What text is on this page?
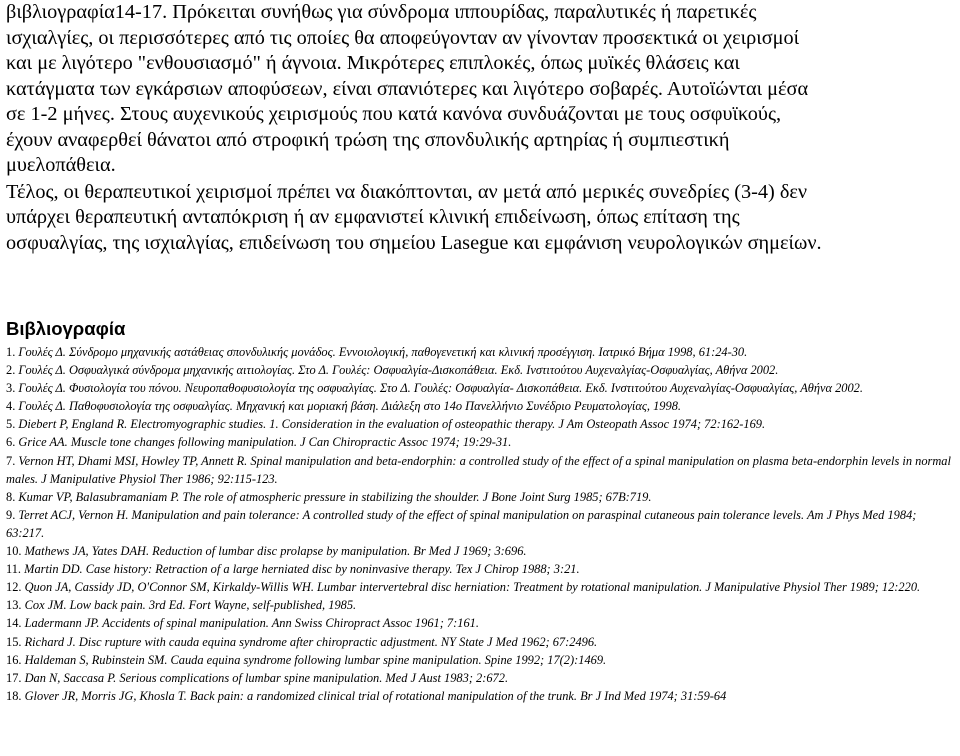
βιβλιογραφία14-17. Πρόκειται συνήθως για σύνδρομα ιππουρίδας, παραλυτικές ή παρετικές
ισχιαλγίες, οι περισσότερες από τις οποίες θα αποφεύγονταν αν γίνονταν προσεκτικά οι χειρισμοί
και με λιγότερο "ενθουσιασμό" ή άγνοια. Μικρότερες επιπλοκές, όπως μυϊκές θλάσεις και
κατάγματα των εγκάρσιων αποφύσεων, είναι σπανιότερες και λιγότερο σοβαρές. Αυτοϊώνται μέσα
σε 1-2 μήνες. Στους αυχενικούς χειρισμούς που κατά κανόνα συνδυάζονται με τους οσφυϊκούς,
έχουν αναφερθεί θάνατοι από στροφική τρώση της σπονδυλικής αρτηρίας ή συμπιεστική
μυελοπάθεια.

Τέλος, οι θεραπευτικοί χειρισμοί πρέπει να διακόπτονται, αν μετά από μερικές συνεδρίες (3-4) δεν
υπάρχει θεραπευτική ανταπόκριση ή αν εμφανιστεί κλινική επιδείνωση, όπως επίταση της
οσφυαλγίας, της ισχιαλγίας, επιδείνωση του σημείου Lasegue και εμφάνιση νευρολογικών σημείων.

Βιβλιογραφία
1. Γουλές Δ. Σύνδρομο μηχανικής αστάθειας σπονδυλικής μονάδος. Εννοιολογική, παθογενετική και κλινική προσέγγιση. Ιατρικό Βήμα 1998, 61:24-30.
2. Γουλές Δ. Οσφυαλγικά σύνδρομα μηχανικής αιτιολογίας. Στο Δ. Γουλές: Οσφυαλγία-Δισκοπάθεια. Εκδ. Ινστιτούτου Αυχεναλγίας-Οσφυαλγίας, Αθήνα 2002.
3. Γουλές Δ. Φυσιολογία του πόνου. Νευροπαθοφυσιολογία της οσφυαλγίας. Στο Δ. Γουλές: Οσφυαλγία- Δισκοπάθεια. Εκδ. Ινστιτούτου Αυχεναλγίας-Οσφυαλγίας, Αθήνα 2002.
4. Γουλές Δ. Παθοφυσιολογία της οσφυαλγίας. Μηχανική και μοριακή βάση. Διάλεξη στο 14ο Πανελλήνιο Συνέδριο Ρευματολογίας, 1998.
5. Diebert P, England R. Electromyographic studies. 1. Consideration in the evaluation of osteopathic therapy. J Am Osteopath Assoc 1974; 72:162-169.
6. Grice AA. Muscle tone changes following manipulation. J Can Chiropractic Assoc 1974; 19:29-31.
7. Vernon HT, Dhami MSI, Howley TP, Annett R. Spinal manipulation and beta-endorphin: a controlled study of the effect of a spinal manipulation on plasma beta-endorphin levels in normal males. J Manipulative Physiol Ther 1986; 92:115-123.
8. Kumar VP, Balasubramaniam P. The role of atmospheric pressure in stabilizing the shoulder. J Bone Joint Surg 1985; 67B:719.
9. Terret ACJ, Vernon H. Manipulation and pain tolerance: A controlled study of the effect of spinal manipulation on paraspinal cutaneous pain tolerance levels. Am J Phys Med 1984; 63:217.
10. Mathews JA, Yates DAH. Reduction of lumbar disc prolapse by manipulation. Br Med J 1969; 3:696.
11. Martin DD. Case history: Retraction of a large herniated disc by noninvasive therapy. Tex J Chirop 1988; 3:21.
12. Quon JA, Cassidy JD, O'Connor SM, Kirkaldy-Willis WH. Lumbar intervertebral disc herniation: Treatment by rotational manipulation. J Manipulative Physiol Ther 1989; 12:220.
13. Cox JM. Low back pain. 3rd Ed. Fort Wayne, self-published, 1985.
14. Ladermann JP. Accidents of spinal manipulation. Ann Swiss Chiropract Assoc 1961; 7:161.
15. Richard J. Disc rupture with cauda equina syndrome after chiropractic adjustment. NY State J Med 1962; 67:2496.
16. Haldeman S, Rubinstein SM. Cauda equina syndrome following lumbar spine manipulation. Spine 1992; 17(2):1469.
17. Dan N, Saccasa P. Serious complications of lumbar spine manipulation. Med J Aust 1983; 2:672.
18. Glover JR, Morris JG, Khosla T. Back pain: a randomized clinical trial of rotational manipulation of the trunk. Br J Ind Med 1974; 31:59-64
